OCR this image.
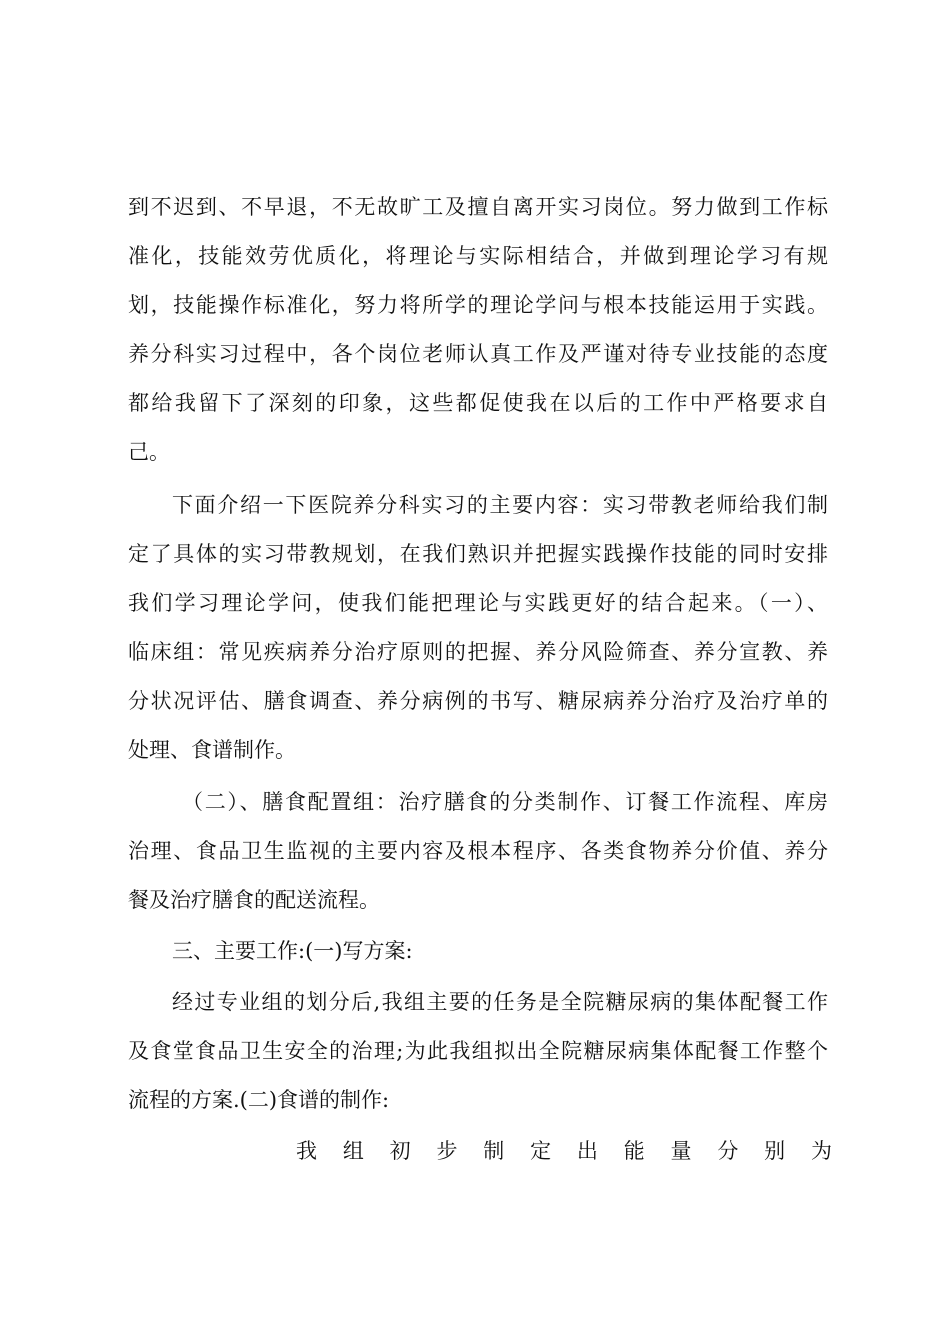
到不迟到、不早退，不无故旷工及擅自离开实习岗位。努力做到工作标
准化，技能效劳优质化，将理论与实际相结合，并做到理论学习有规
划，技能操作标准化，努力将所学的理论学问与根本技能运用于实践。
养分科实习过程中，各个岗位老师认真工作及严谨对待专业技能的态度
都给我留下了深刻的印象，这些都促使我在以后的工作中严格要求自
己。
下面介绍一下医院养分科实习的主要内容：实习带教老师给我们制
定了具体的实习带教规划，在我们熟识并把握实践操作技能的同时安排
我们学习理论学问，使我们能把理论与实践更好的结合起来。（一）、
临床组：常见疾病养分治疗原则的把握、养分风险筛查、养分宣教、养
分状况评估、膳食调查、养分病例的书写、糖尿病养分治疗及治疗单的
处理、食谱制作。
（二）、膳食配置组：治疗膳食的分类制作、订餐工作流程、库房
治理、食品卫生监视的主要内容及根本程序、各类食物养分价值、养分
餐及治疗膳食的配送流程。
三、主要工作:(一)写方案:
经过专业组的划分后,我组主要的任务是全院糖尿病的集体配餐工作
及食堂食品卫生安全的治理;为此我组拟出全院糖尿病集体配餐工作整个
流程的方案.(二)食谱的制作:
我组初步制定出能量分别为
